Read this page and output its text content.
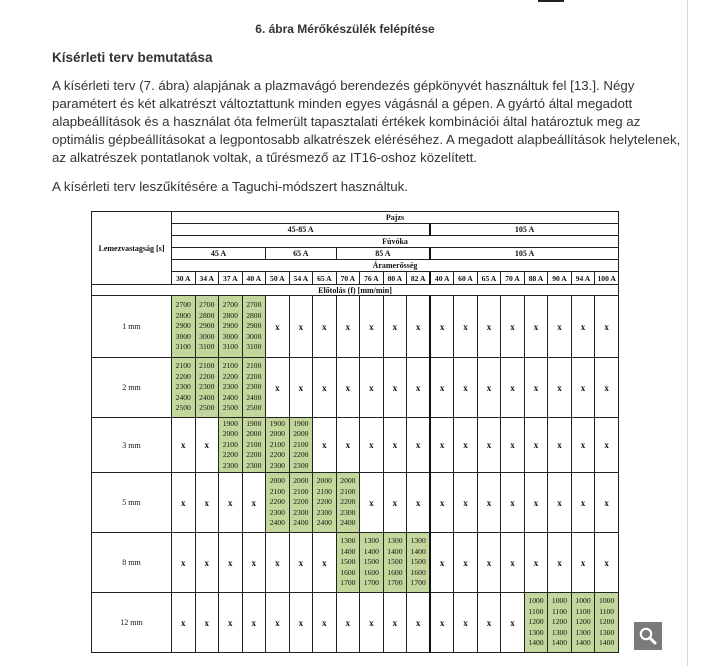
6. ábra Mérőkészülék felépítése
Kísérleti terv bemutatása

A kísérleti terv (7. ábra) alapjának a plazmavágó berendezés gépkönyvét használtuk fel [13.]. Négy paramétert és két alkatrészt változtattunk minden egyes vágásnál a gépen. A gyártó által megadott alapbeállítások és a használat óta felmerült tapasztalati értékek kombinációi által határoztuk meg az optimális gépbeállításokat a legpontosabb alkatrészek eléréséhez. A megadott alapbeállítások helytelenek, az alkatrészek pontatlanok voltak, a tűrésmező az IT16-oshoz közelített.

A kísérleti terv leszűkítésére a Taguchi-módszert használtuk.

Lemezvastagság [s]	Pajzs																		
	45-85 A											105 A							
	Fúvóka																		
	45 A				65 A			85 A				105 A							
	Áramerősség																		
	30 A	34 A	37 A	40 A	50 A	54 A	65 A	70 A	76 A	80 A	82 A	40 A	60 A	65 A	70 A	88 A	90 A	94 A	100 A
Előtolás (f) [mm/min]																			
1 mm	2700
2800
2900
3000
3100	2700
2800
2900
3000
3100	2700
2800
2900
3000
3100	2700
2800
2900
3000
3100	x	x	x	x	x	x	x	x	x	x	x	x	x	x	x
2 mm	2100
2200
2300
2400
2500	2100
2200
2300
2400
2500	2100
2200
2300
2400
2500	2100
2200
2300
2400
2500	x	x	x	x	x	x	x	x	x	x	x	x	x	x	x
3 mm	x	x	1900
2000
2100
2200
2300	1900
2000
2100
2200
2300	1900
2000
2100
2200
2300	1900
2000
2100
2200
2300	x	x	x	x	x	x	x	x	x	x	x	x	x
5 mm	x	x	x	x	2000
2100
2200
2300
2400	2000
2100
2200
2300
2400	2000
2100
2200
2300
2400	2000
2100
2200
2300
2400	x	x	x	x	x	x	x	x	x	x	x
8 mm	x	x	x	x	x	x	x	1300
1400
1500
1600
1700	1300
1400
1500
1600
1700	1300
1400
1500
1600
1700	1300
1400
1500
1600
1700	x	x	x	x	x	x	x	x
12 mm	x	x	x	x	x	x	x	x	x	x	x	x	x	x	x	1000
1100
1200
1300
1400	1000
1100
1200
1300
1400	1000
1100
1200
1300
1400	1000
1100
1200
1300
1400
